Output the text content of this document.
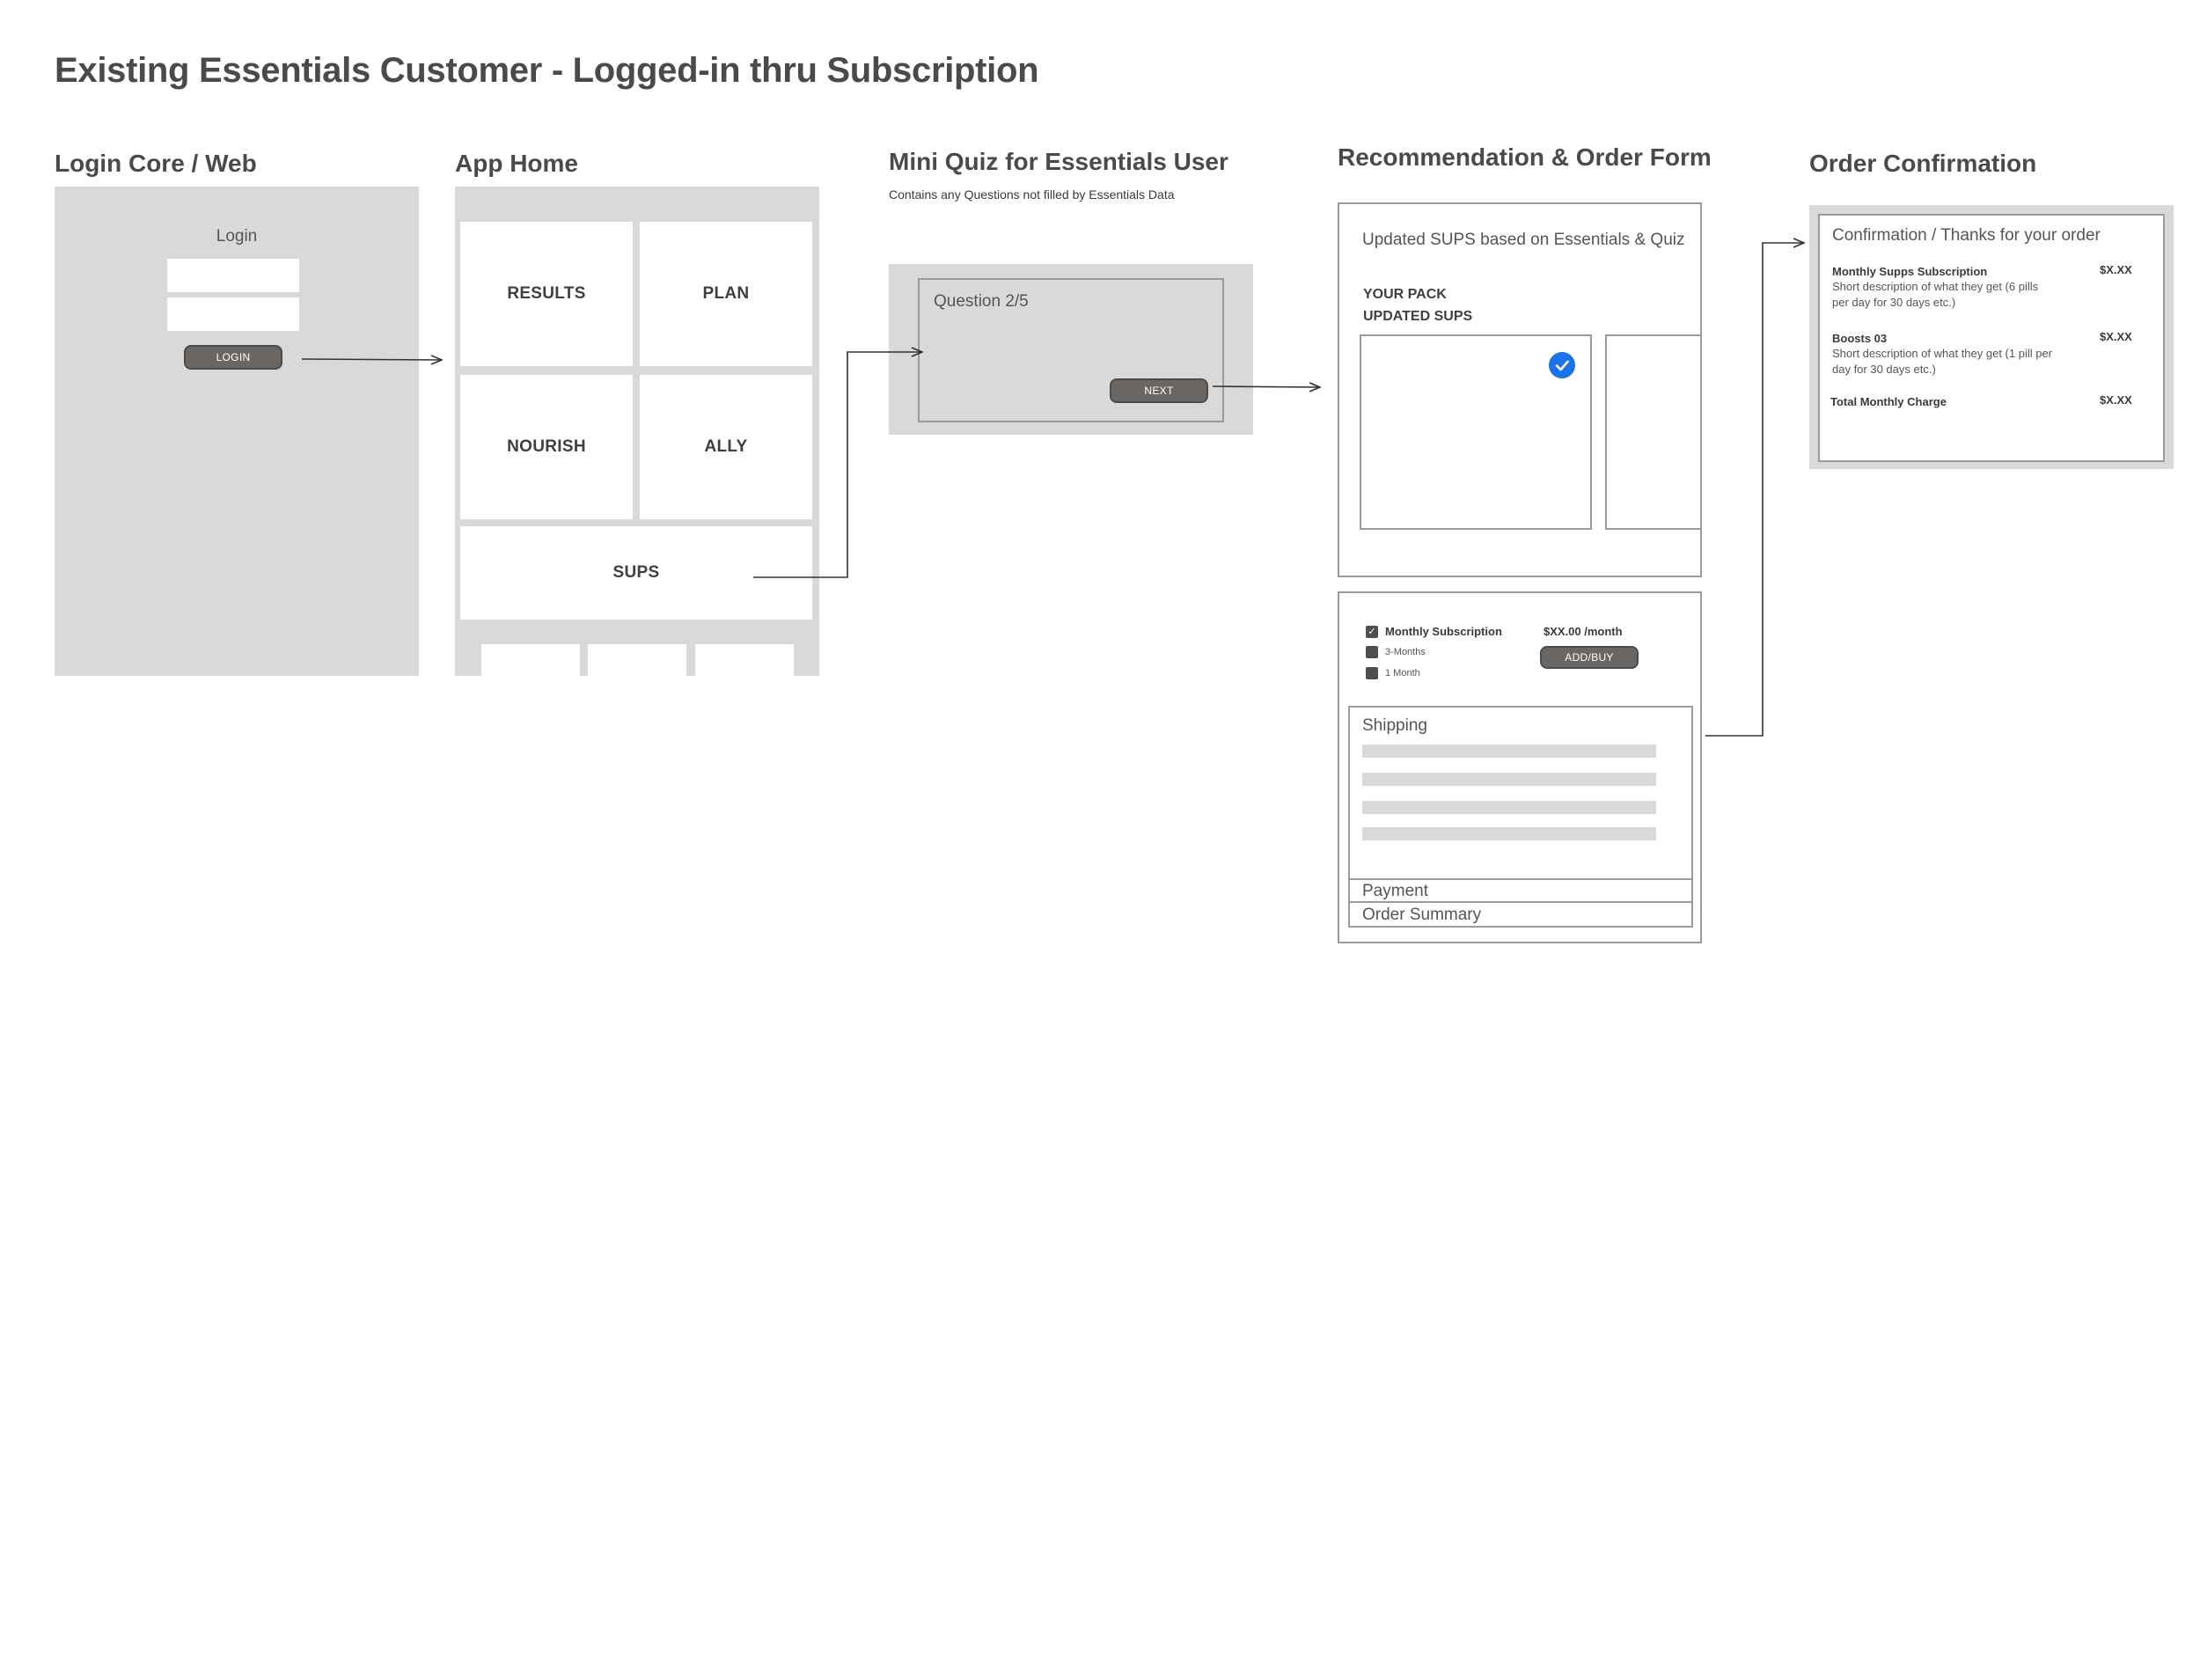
Existing Essentials Customer - Logged-in thru Subscription
Login Core / Web
Login
LOGIN
App Home
RESULTS	PLAN
NOURISH	ALLY
SUPS
Mini Quiz for Essentials User
Contains any Questions not filled by Essentials Data
Question 2/5
NEXT
Recommendation & Order Form
Updated SUPS based on Essentials & Quiz
YOUR PACK
UPDATED SUPS
✓ Monthly Subscription
3-Months
1 Month
$XX.00 /month
ADD/BUY
Shipping
Payment
Order Summary
Order Confirmation
Confirmation / Thanks for your order
Monthly Supps Subscription	$X.XX
Short description of what they get (6 pills per day for 30 days etc.)
Boosts 03	$X.XX
Short description of what they get (1 pill per day for 30 days etc.)
Total Monthly Charge	$X.XX
